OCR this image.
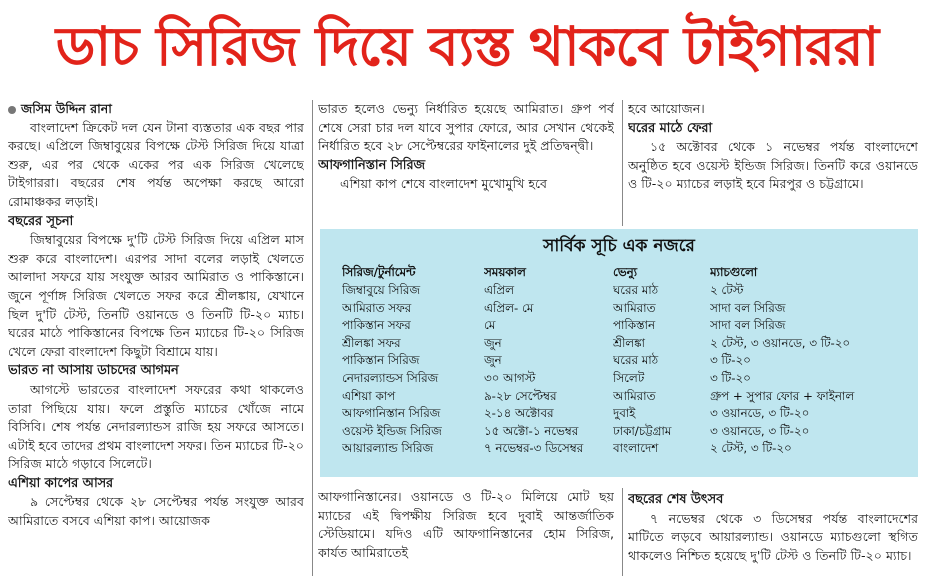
ডাচ সিরিজ দিয়ে ব্যস্ত থাকবে টাইগাররা

জসিম উদ্দিন রানা

বাংলাদেশ ক্রিকেট দল যেন টানা ব্যস্ততার এক বছর পার করছে। এপ্রিলে জিম্বাবুয়ের বিপক্ষে টেস্ট সিরিজ দিয়ে যাত্রা শুরু, এর পর থেকে একের পর এক সিরিজ খেলেছে টাইগাররা। বছরের শেষ পর্যন্ত অপেক্ষা করছে আরো রোমাঞ্চকর লড়াই।

বছরের সূচনা

জিম্বাবুয়ের বিপক্ষে দু'টি টেস্ট সিরিজ দিয়ে এপ্রিল মাস শুরু করে বাংলাদেশ। এরপর সাদা বলের লড়াই খেলতে আলাদা সফরে যায় সংযুক্ত আরব আমিরাত ও পাকিস্তানে। জুনে পূর্ণাঙ্গ সিরিজ খেলতে সফর করে শ্রীলঙ্কায়, যেখানে ছিল দু'টি টেস্ট, তিনটি ওয়ানডে ও তিনটি টি-২০ ম্যাচ। ঘরের মাঠে পাকিস্তানের বিপক্ষে তিন ম্যাচের টি-২০ সিরিজ খেলে ফেরা বাংলাদেশ কিছুটা বিশ্রামে যায়।

ভারত না আসায় ডাচদের আগমন

আগস্টে ভারতের বাংলাদেশ সফরের কথা থাকলেও তারা পিছিয়ে যায়। ফলে প্রস্তুতি ম্যাচের খোঁজে নামে বিসিবি। শেষ পর্যন্ত নেদারল্যান্ডস রাজি হয় সফরে আসতে। এটাই হবে তাদের প্রথম বাংলাদেশ সফর। তিন ম্যাচের টি-২০ সিরিজ মাঠে গড়াবে সিলেটে।

এশিয়া কাপের আসর

৯ সেপ্টেম্বর থেকে ২৮ সেপ্টেম্বর পর্যন্ত সংযুক্ত আরব আমিরাতে বসবে এশিয়া কাপ। আয়োজক

ভারত হলেও ভেন্যু নির্ধারিত হয়েছে আমিরাত। গ্রুপ পর্ব শেষে সেরা চার দল যাবে সুপার ফোরে, আর সেখান থেকেই নির্ধারিত হবে ২৮ সেপ্টেম্বরের ফাইনালের দুই প্রতিদ্বন্দ্বী।

আফগানিস্তান সিরিজ

এশিয়া কাপ শেষে বাংলাদেশ মুখোমুখি হবে

হবে আয়োজন।

ঘরের মাঠে ফেরা

১৫ অক্টোবর থেকে ১ নভেম্বর পর্যন্ত বাংলাদেশে অনুষ্ঠিত হবে ওয়েস্ট ইন্ডিজ সিরিজ। তিনটি করে ওয়ানডে ও টি-২০ ম্যাচের লড়াই হবে মিরপুর ও চট্টগ্রামে।

সার্বিক সূচি এক নজরে
সিরিজ/টুর্নামেন্ট	সময়কাল	ভেন্যু	ম্যাচগুলো
জিম্বাবুয়ে সিরিজ	এপ্রিল	ঘরের মাঠ	২ টেস্ট
আমিরাত সফর	এপ্রিল- মে	আমিরাত	সাদা বল সিরিজ
পাকিস্তান সফর	মে	পাকিস্তান	সাদা বল সিরিজ
শ্রীলঙ্কা সফর	জুন	শ্রীলঙ্কা	২ টেস্ট, ৩ ওয়ানডে, ৩ টি-২০
পাকিস্তান সিরিজ	জুন	ঘরের মাঠ	৩ টি-২০
নেদারল্যান্ডস সিরিজ	৩০ আগস্ট	সিলেট	৩ টি-২০
এশিয়া কাপ	৯-২৮ সেপ্টেম্বর	আমিরাত	গ্রুপ + সুপার ফোর + ফাইনাল
আফগানিস্তান সিরিজ	২-১৪ অক্টোবর	দুবাই	৩ ওয়ানডে, ৩ টি-২০
ওয়েস্ট ইন্ডিজ সিরিজ	১৫ অক্টো-১ নভেম্বর	ঢাকা/চট্টগ্রাম	৩ ওয়ানডে, ৩ টি-২০
আয়ারল্যান্ড সিরিজ	৭ নভেম্বর-৩ ডিসেম্বর	বাংলাদেশ	২ টেস্ট, ৩ টি-২০

আফগানিস্তানের। ওয়ানডে ও টি-২০ মিলিয়ে মোট ছয় ম্যাচের এই দ্বিপক্ষীয় সিরিজ হবে দুবাই আন্তর্জাতিক স্টেডিয়ামে। যদিও এটি আফগানিস্তানের হোম সিরিজ, কার্যত আমিরাতেই

বছরের শেষ উৎসব

৭ নভেম্বর থেকে ৩ ডিসেম্বর পর্যন্ত বাংলাদেশের মাটিতে লড়বে আয়ারল্যান্ড। ওয়ানডে ম্যাচগুলো স্থগিত থাকলেও নিশ্চিত হয়েছে দু'টি টেস্ট ও তিনটি টি-২০ ম্যাচ।
